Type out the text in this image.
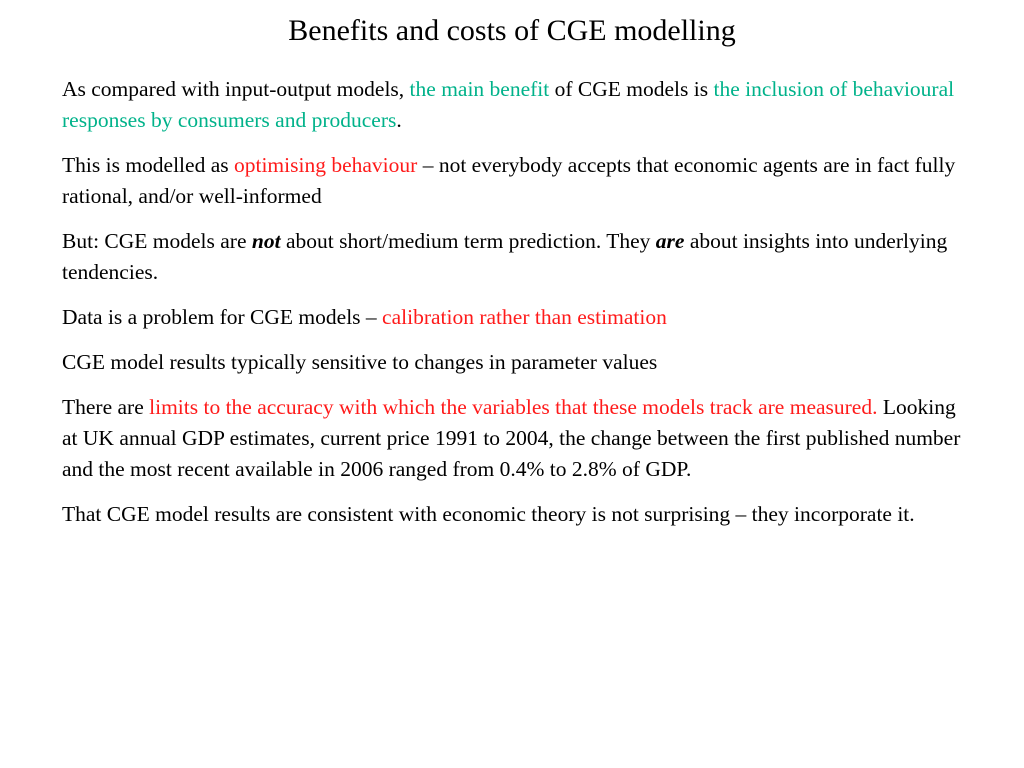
Benefits and costs of CGE modelling

As compared with input-output models, the main benefit of CGE models is the inclusion of behavioural responses by consumers and producers.

This is modelled as optimising behaviour – not everybody accepts that economic agents are in fact fully rational, and/or well-informed

But: CGE models are not about short/medium term prediction. They are about insights into underlying tendencies.

Data is a problem for CGE models – calibration rather than estimation

CGE model results typically sensitive to changes in parameter values

There are limits to the accuracy with which the variables that these models track are measured. Looking at UK annual GDP estimates, current price 1991 to 2004, the change between the first published number and the most recent available in 2006 ranged from 0.4% to 2.8% of GDP.

That CGE model results are consistent with economic theory is not surprising – they incorporate it.
